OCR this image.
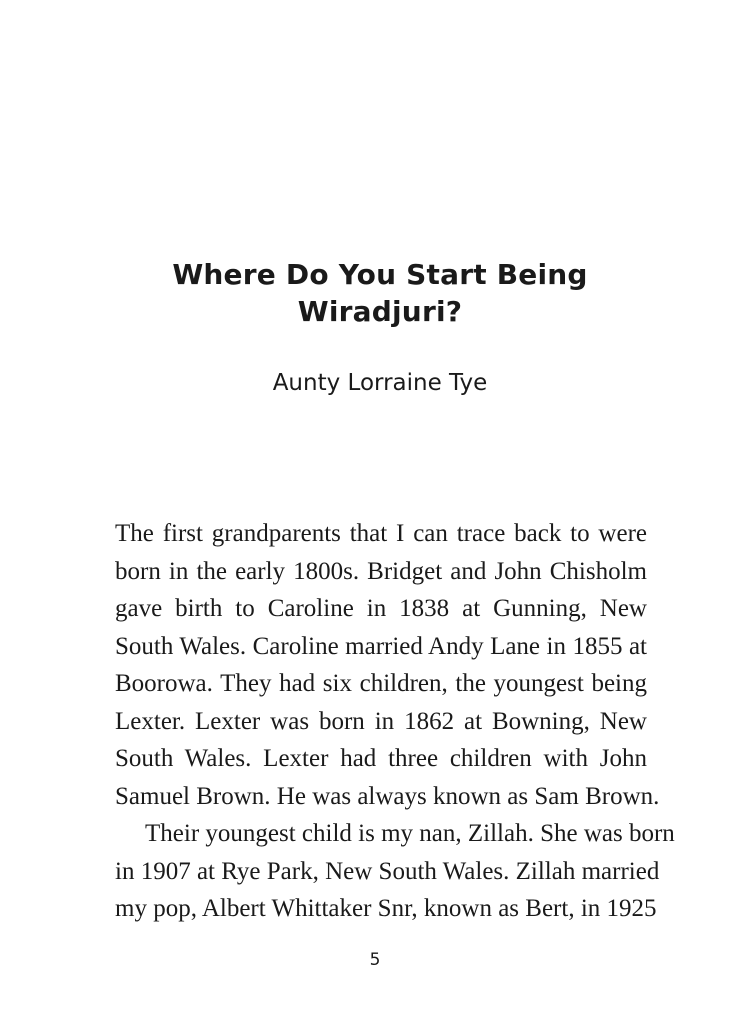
Where Do You Start Being
Wiradjuri?

Aunty Lorraine Tye

The first grandparents that I can trace back to were
born in the early 1800s. Bridget and John Chisholm
gave birth to Caroline in 1838 at Gunning, New
South Wales. Caroline married Andy Lane in 1855 at
Boorowa. They had six children, the youngest being
Lexter. Lexter was born in 1862 at Bowning, New
South Wales. Lexter had three children with John
Samuel Brown. He was always known as Sam Brown.

Their youngest child is my nan, Zillah. She was born
in 1907 at Rye Park, New South Wales. Zillah married
my pop, Albert Whittaker Snr, known as Bert, in 1925

5
